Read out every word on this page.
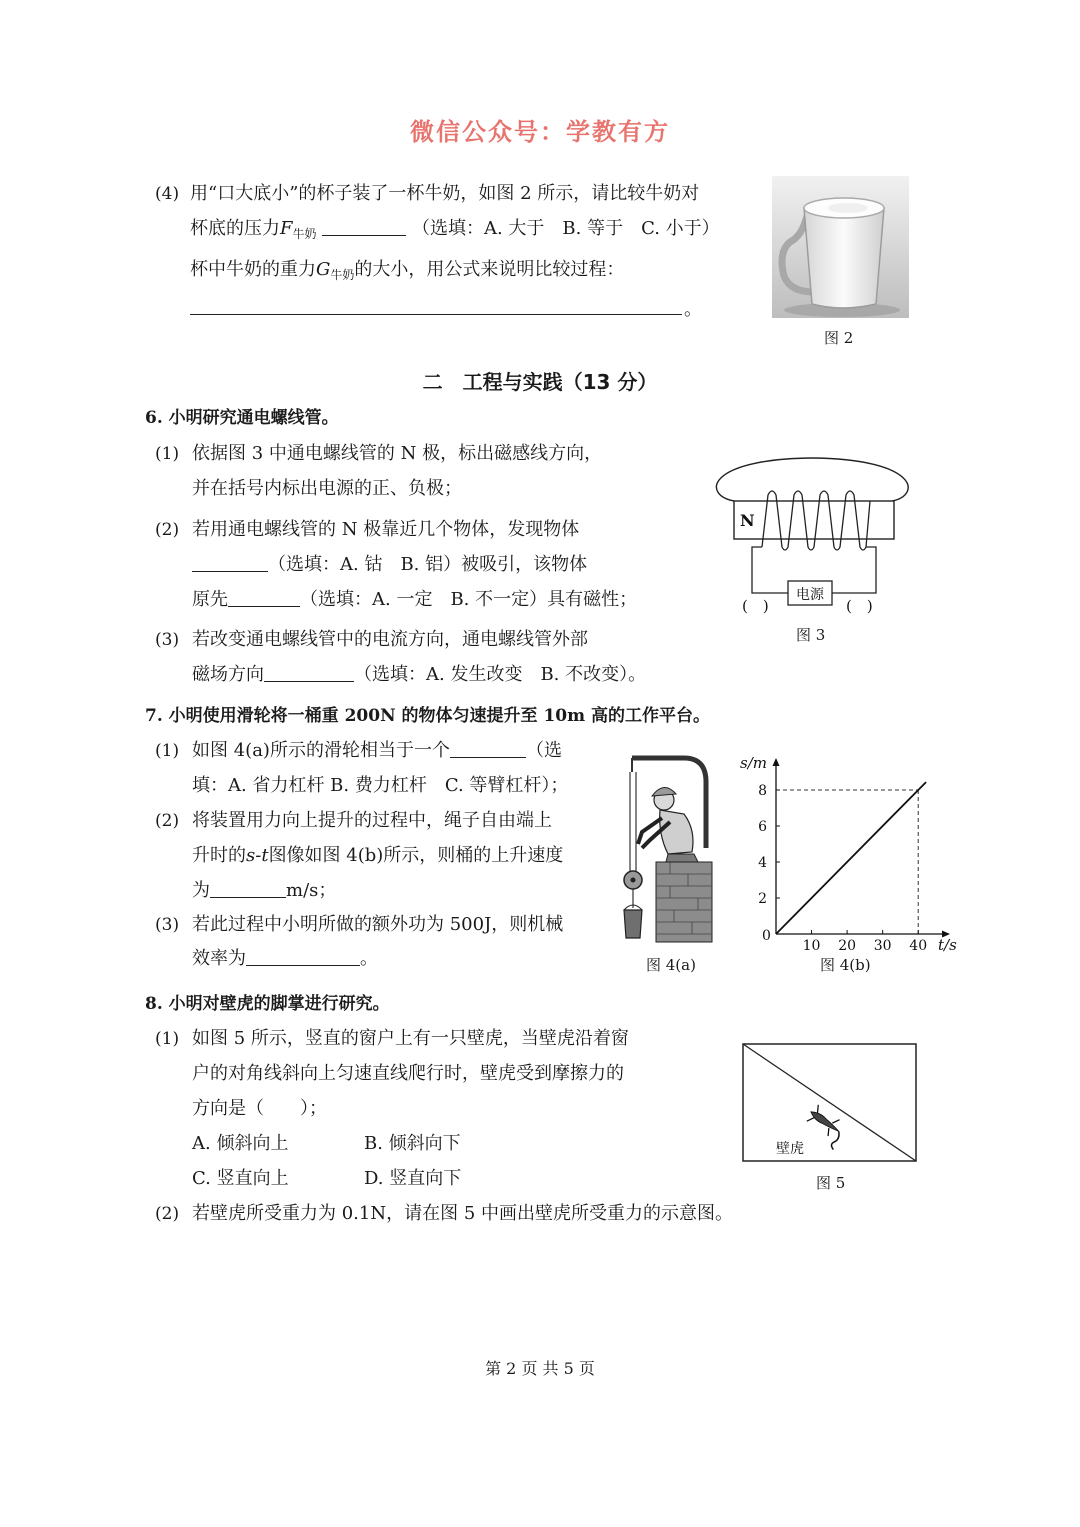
微信公众号：学教有方
(4) 用“口大底小”的杯子装了一杯牛奶，如图 2 所示，请比较牛奶对
杯底的压力$F_{牛奶}$	（选填：A. 大于　B. 等于　C. 小于）
杯中牛奶的重力$G_{牛奶}$的大小，用公式来说明比较过程：
。
图 2
二　工程与实践（13 分）
6. 小明研究通电螺线管。
(1) 依据图 3 中通电螺线管的 N 极，标出磁感线方向，
并在括号内标出电源的正、负极；
(2) 若用通电螺线管的 N 极靠近几个物体，发现物体
（选填：A. 钴　B. 铝）被吸引，该物体
原先	（选填：A. 一定　B. 不一定）具有磁性；
(3) 若改变通电螺线管中的电流方向，通电螺线管外部
磁场方向	（选填：A. 发生改变　B. 不改变）。
N
电源
(　)	(　)
图 3
7. 小明使用滑轮将一桶重 200N 的物体匀速提升至 10m 高的工作平台。
(1) 如图 4(a)所示的滑轮相当于一个	（选
填：A. 省力杠杆 B. 费力杠杆　C. 等臂杠杆）；
(2) 将装置用力向上提升的过程中，绳子自由端上
升时的s-t图像如图 4(b)所示，则桶的上升速度
为	m/s；
(3) 若此过程中小明所做的额外功为 500J，则机械
效率为	。	图 4(a)
10 20 30 40
2
4
6
8
t/s
s/m
0
图 4(b)
8. 小明对壁虎的脚掌进行研究。
(1) 如图 5 所示，竖直的窗户上有一只壁虎，当壁虎沿着窗
户的对角线斜向上匀速直线爬行时，壁虎受到摩擦力的
方向是（　　）；
A. 倾斜向上	B. 倾斜向下
C. 竖直向上	D. 竖直向下
(2) 若壁虎所受重力为 0.1N，请在图 5 中画出壁虎所受重力的示意图。
壁虎
图 5
第 2 页 共 5 页
